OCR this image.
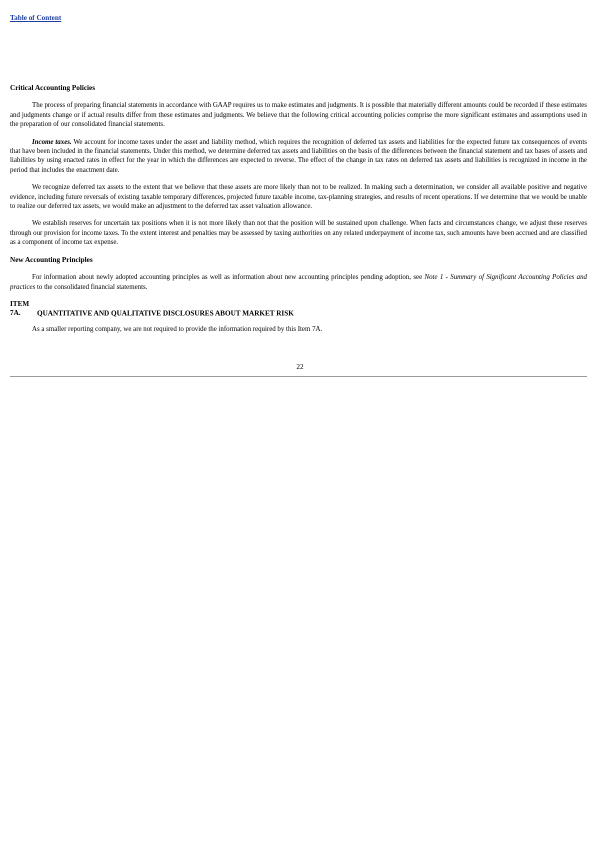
Table of Content

Critical Accounting Policies

The process of preparing financial statements in accordance with GAAP requires us to make estimates and judgments. It is possible that materially different amounts could be recorded if these estimates and judgments change or if actual results differ from these estimates and judgments. We believe that the following critical accounting policies comprise the more significant estimates and assumptions used in the preparation of our consolidated financial statements.

Income taxes. We account for income taxes under the asset and liability method, which requires the recognition of deferred tax assets and liabilities for the expected future tax consequences of events that have been included in the financial statements. Under this method, we determine deferred tax assets and liabilities on the basis of the differences between the financial statement and tax bases of assets and liabilities by using enacted rates in effect for the year in which the differences are expected to reverse. The effect of the change in tax rates on deferred tax assets and liabilities is recognized in income in the period that includes the enactment date.

We recognize deferred tax assets to the extent that we believe that these assets are more likely than not to be realized. In making such a determination, we consider all available positive and negative evidence, including future reversals of existing taxable temporary differences, projected future taxable income, tax-planning strategies, and results of recent operations. If we determine that we would be unable to realize our deferred tax assets, we would make an adjustment to the deferred tax asset valuation allowance.

We establish reserves for uncertain tax positions when it is not more likely than not that the position will be sustained upon challenge. When facts and circumstances change, we adjust these reserves through our provision for income taxes. To the extent interest and penalties may be assessed by taxing authorities on any related underpayment of income tax, such amounts have been accrued and are classified as a component of income tax expense.

New Accounting Principles

For information about newly adopted accounting principles as well as information about new accounting principles pending adoption, see Note 1 - Summary of Significant Accounting Policies and practices to the consolidated financial statements.

ITEM 7A. QUANTITATIVE AND QUALITATIVE DISCLOSURES ABOUT MARKET RISK

As a smaller reporting company, we are not required to provide the information required by this Item 7A.

22
